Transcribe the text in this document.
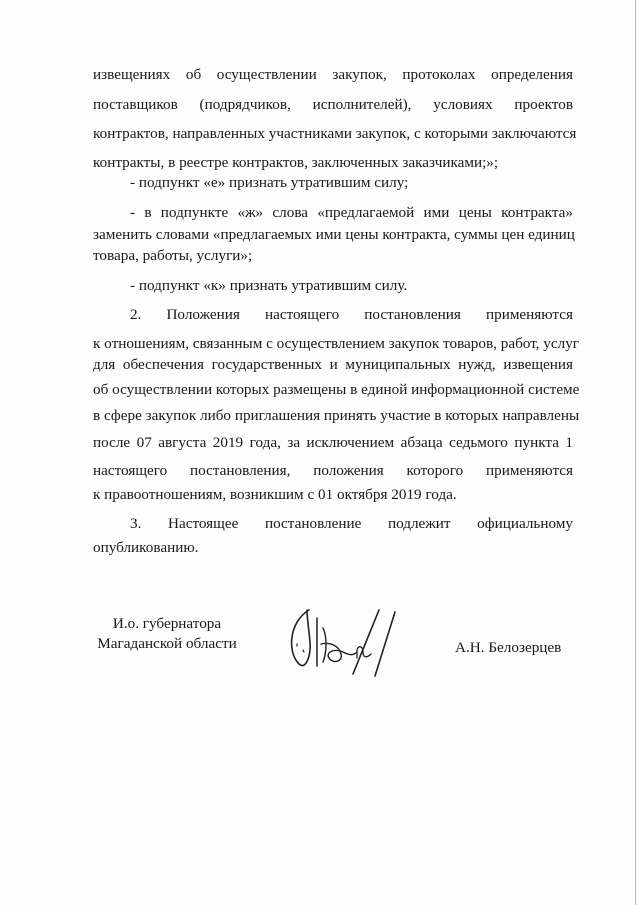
извещениях об осуществлении закупок, протоколах определения
поставщиков (подрядчиков, исполнителей), условиях проектов
контрактов, направленных участниками закупок, с которыми заключаются
контракты, в реестре контрактов, заключенных заказчиками;»;
- подпункт «е» признать утратившим силу;
- в подпункте «ж» слова «предлагаемой ими цены контракта»
заменить словами «предлагаемых ими цены контракта, суммы цен единиц
товара, работы, услуги»;
- подпункт «к» признать утратившим силу.
2. Положения настоящего постановления применяются
к отношениям, связанным с осуществлением закупок товаров, работ, услуг
для обеспечения государственных и муниципальных нужд, извещения
об осуществлении которых размещены в единой информационной системе
в сфере закупок либо приглашения принять участие в которых направлены
после 07 августа 2019 года, за исключением абзаца седьмого пункта 1
настоящего постановления, положения которого применяются
к правоотношениям, возникшим с 01 октября 2019 года.
3. Настоящее постановление подлежит официальному
опубликованию.
И.о. губернатора
Магаданской области	А.Н. Белозерцев
